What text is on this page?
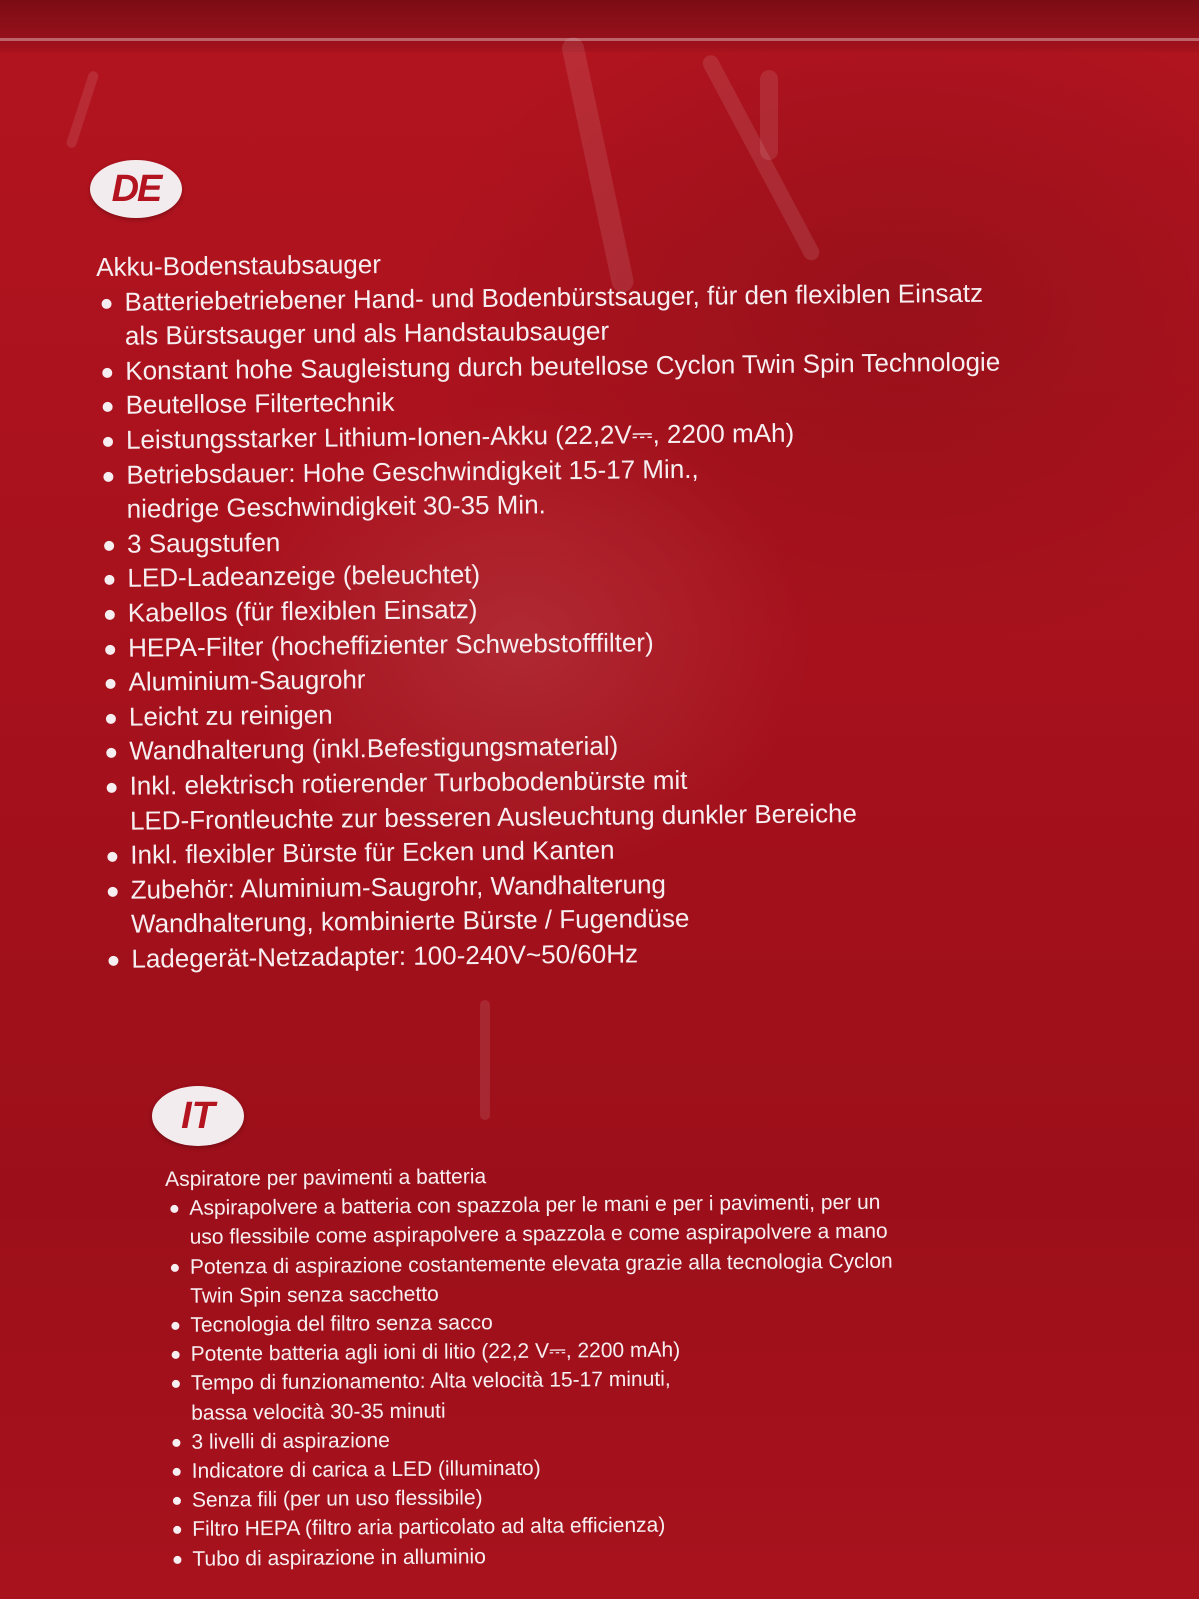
DE
Akku-Bodenstaubsauger
Batteriebetriebener Hand- und Bodenbürstsauger, für den flexiblen Einsatz
als Bürstsauger und als Handstaubsauger
Konstant hohe Saugleistung durch beutellose Cyclon Twin Spin Technologie
Beutellose Filtertechnik
Leistungsstarker Lithium-Ionen-Akku (22,2V⎓, 2200 mAh)
Betriebsdauer: Hohe Geschwindigkeit 15-17 Min.,
niedrige Geschwindigkeit 30-35 Min.
3 Saugstufen
LED-Ladeanzeige (beleuchtet)
Kabellos (für flexiblen Einsatz)
HEPA-Filter (hocheffizienter Schwebstofffilter)
Aluminium-Saugrohr
Leicht zu reinigen
Wandhalterung (inkl.Befestigungsmaterial)
Inkl. elektrisch rotierender Turbobodenbürste mit
LED-Frontleuchte zur besseren Ausleuchtung dunkler Bereiche
Inkl. flexibler Bürste für Ecken und Kanten
Zubehör: Aluminium-Saugrohr, Wandhalterung
Wandhalterung, kombinierte Bürste / Fugendüse
Ladegerät-Netzadapter: 100-240V~50/60Hz
IT
Aspiratore per pavimenti a batteria
Aspirapolvere a batteria con spazzola per le mani e per i pavimenti, per un
uso flessibile come aspirapolvere a spazzola e come aspirapolvere a mano
Potenza di aspirazione costantemente elevata grazie alla tecnologia Cyclon
Twin Spin senza sacchetto
Tecnologia del filtro senza sacco
Potente batteria agli ioni di litio (22,2 V⎓, 2200 mAh)
Tempo di funzionamento: Alta velocità 15-17 minuti,
bassa velocità 30-35 minuti
3 livelli di aspirazione
Indicatore di carica a LED (illuminato)
Senza fili (per un uso flessibile)
Filtro HEPA (filtro aria particolato ad alta efficienza)
Tubo di aspirazione in alluminio
